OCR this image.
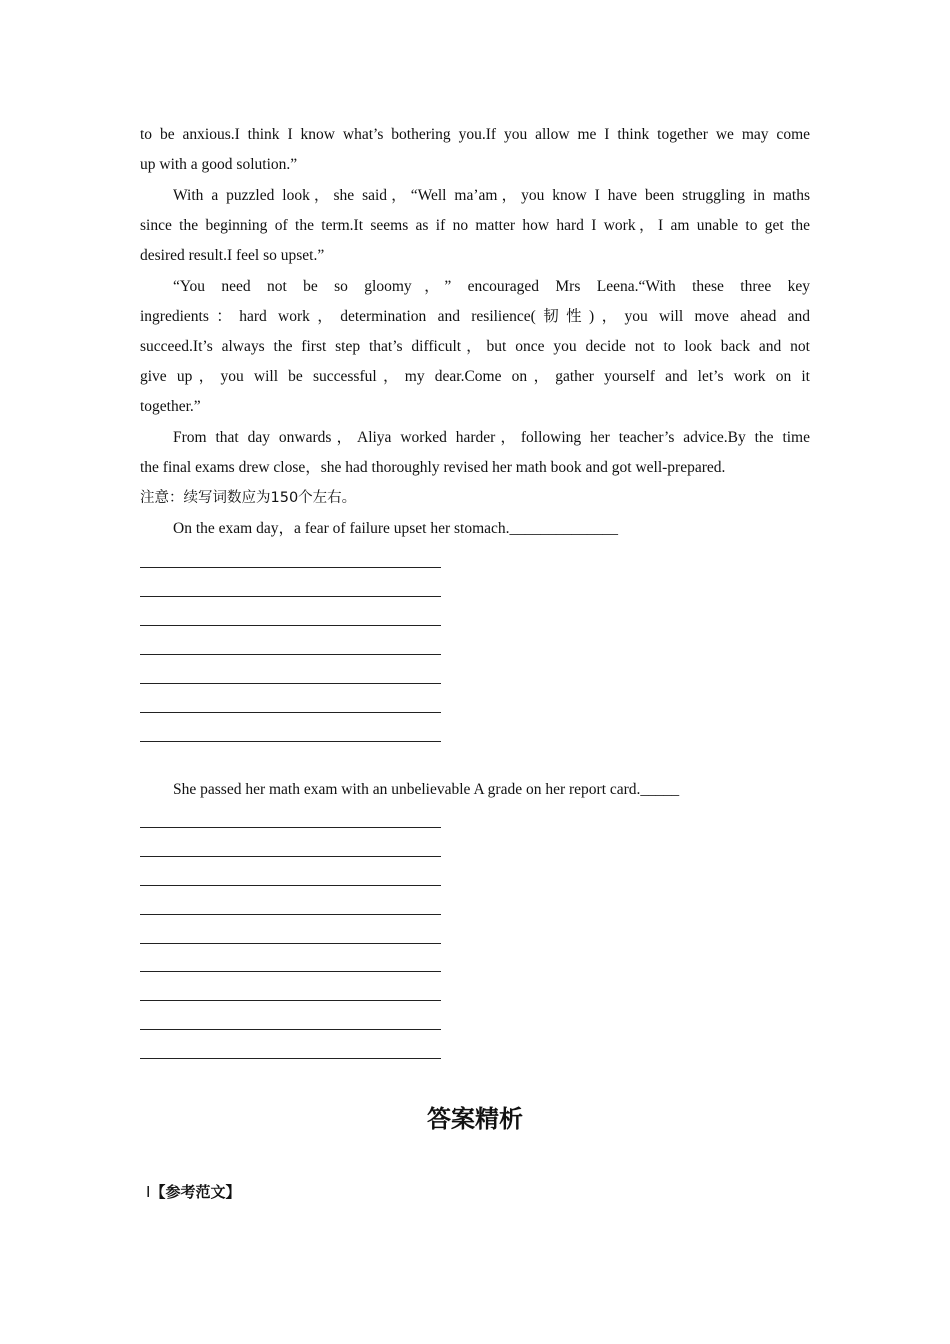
to be anxious.I think I know what’s bothering you.If you allow me I think together we may come
up with a good solution.”
With a puzzled look，she said，“Well ma’am，you know I have been struggling in maths
since the beginning of the term.It seems as if no matter how hard I work，I am unable to get the
desired result.I feel so upset.”
“You need not be so gloomy，” encouraged Mrs Leena.“With these three key
ingredients：hard work，determination and resilience(韧性)，you will move ahead and
succeed.It’s always the first step that’s difficult，but once you decide not to look back and not
give up，you will be successful，my dear.Come on，gather yourself and let’s work on it
together.”
From that day onwards，Aliya worked harder，following her teacher’s advice.By the time
the final exams drew close，she had thoroughly revised her math book and got well-prepared.
注意：续写词数应为150个左右。
On the exam day，a fear of failure upset her stomach.______________
She passed her math exam with an unbelievable A grade on her report card._____
答案精析
Ⅰ【参考范文】
